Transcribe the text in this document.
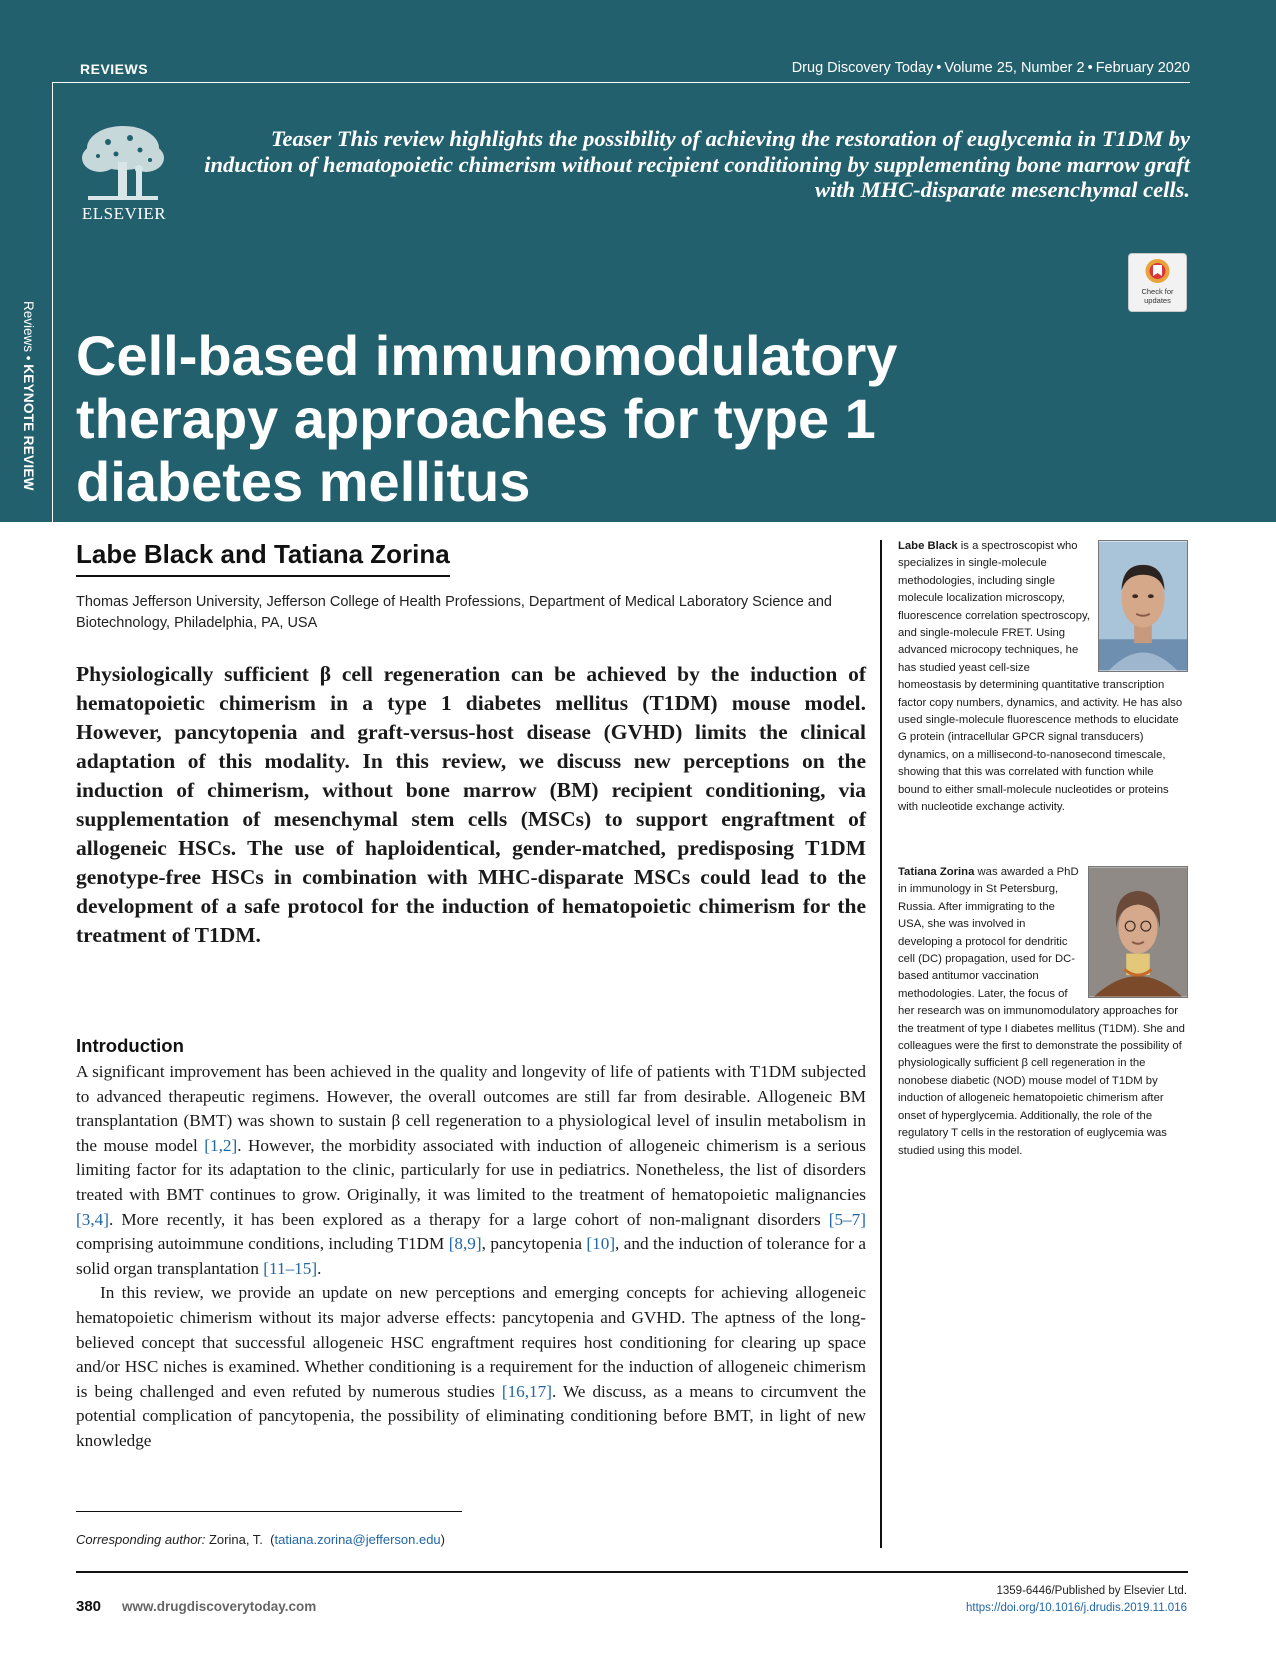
REVIEWS	Drug Discovery Today • Volume 25, Number 2 • February 2020
ELSEVIER
Teaser This review highlights the possibility of achieving the restoration of euglycemia in T1DM by induction of hematopoietic chimerism without recipient conditioning by supplementing bone marrow graft with MHC-disparate mesenchymal cells.
Check for updates
Reviews • KEYNOTE REVIEW
Cell-based immunomodulatory therapy approaches for type 1 diabetes mellitus
Labe Black and Tatiana Zorina
Thomas Jefferson University, Jefferson College of Health Professions, Department of Medical Laboratory Science and Biotechnology, Philadelphia, PA, USA
Physiologically sufficient β cell regeneration can be achieved by the induction of hematopoietic chimerism in a type 1 diabetes mellitus (T1DM) mouse model. However, pancytopenia and graft-versus-host disease (GVHD) limits the clinical adaptation of this modality. In this review, we discuss new perceptions on the induction of chimerism, without bone marrow (BM) recipient conditioning, via supplementation of mesenchymal stem cells (MSCs) to support engraftment of allogeneic HSCs. The use of haploidentical, gender-matched, predisposing T1DM genotype-free HSCs in combination with MHC-disparate MSCs could lead to the development of a safe protocol for the induction of hematopoietic chimerism for the treatment of T1DM.
Introduction

A significant improvement has been achieved in the quality and longevity of life of patients with T1DM subjected to advanced therapeutic regimens. However, the overall outcomes are still far from desirable. Allogeneic BM transplantation (BMT) was shown to sustain β cell regeneration to a physiological level of insulin metabolism in the mouse model [1,2]. However, the morbidity associated with induction of allogeneic chimerism is a serious limiting factor for its adaptation to the clinic, particularly for use in pediatrics. Nonetheless, the list of disorders treated with BMT continues to grow. Originally, it was limited to the treatment of hematopoietic malignancies [3,4]. More recently, it has been explored as a therapy for a large cohort of non-malignant disorders [5–7] comprising autoimmune conditions, including T1DM [8,9], pancytopenia [10], and the induction of tolerance for a solid organ transplantation [11–15].

In this review, we provide an update on new perceptions and emerging concepts for achieving allogeneic hematopoietic chimerism without its major adverse effects: pancytopenia and GVHD. The aptness of the long-believed concept that successful allogeneic HSC engraftment requires host conditioning for clearing up space and/or HSC niches is examined. Whether conditioning is a requirement for the induction of allogeneic chimerism is being challenged and even refuted by numerous studies [16,17]. We discuss, as a means to circumvent the potential complication of pancytopenia, the possibility of eliminating conditioning before BMT, in light of new knowledge

Labe Black is a spectroscopist who specializes in single-molecule methodologies, including single molecule localization microscopy, fluorescence correlation spectroscopy, and single-molecule FRET. Using advanced microcopy techniques, he has studied yeast cell-size homeostasis by determining quantitative transcription factor copy numbers, dynamics, and activity. He has also used single-molecule fluorescence methods to elucidate G protein (intracellular GPCR signal transducers) dynamics, on a millisecond-to-nanosecond timescale, showing that this was correlated with function while bound to either small-molecule nucleotides or proteins with nucleotide exchange activity.
Tatiana Zorina was awarded a PhD in immunology in St Petersburg, Russia. After immigrating to the USA, she was involved in developing a protocol for dendritic cell (DC) propagation, used for DC-based antitumor vaccination methodologies. Later, the focus of her research was on immunomodulatory approaches for the treatment of type I diabetes mellitus (T1DM). She and colleagues were the first to demonstrate the possibility of physiologically sufficient β cell regeneration in the nonobese diabetic (NOD) mouse model of T1DM by induction of allogeneic hematopoietic chimerism after onset of hyperglycemia. Additionally, the role of the regulatory T cells in the restoration of euglycemia was studied using this model.
Corresponding author: Zorina, T.  (tatiana.zorina@jefferson.edu)
380 www.drugdiscoverytoday.com
1359-6446/Published by Elsevier Ltd.
https://doi.org/10.1016/j.drudis.2019.11.016
